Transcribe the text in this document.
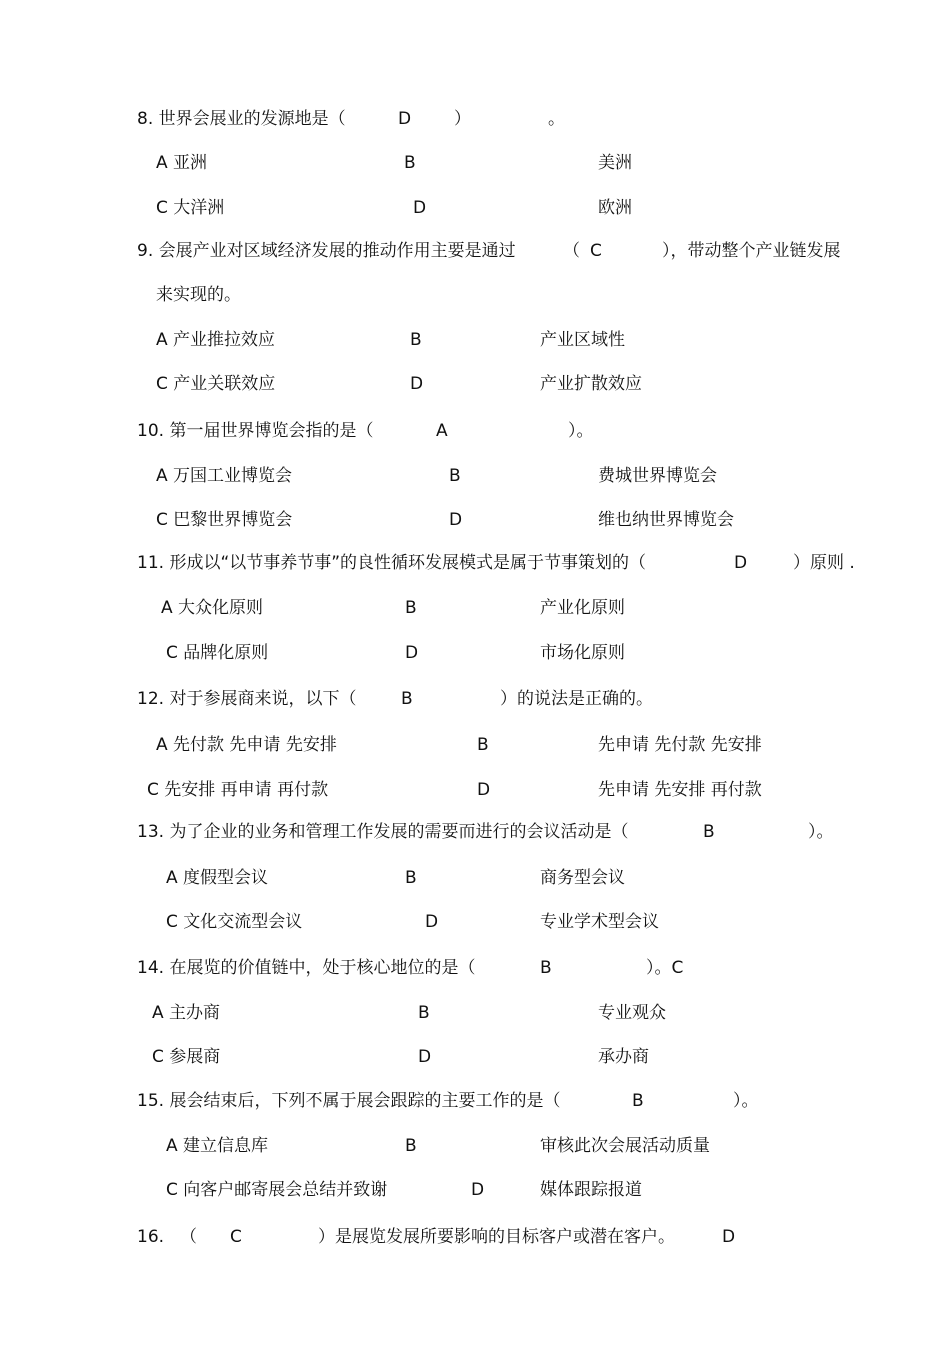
8. 世界会展业的发源地是（	D	）	。
A 亚洲	B	美洲
C 大洋洲	D	欧洲
9. 会展产业对区域经济发展的推动作用主要是通过	（ C	），带动整个产业链发展
来实现的。
A 产业推拉效应	B	产业区域性
C 产业关联效应	D	产业扩散效应
10. 第一届世界博览会指的是（	A	）。
A 万国工业博览会	B	费城世界博览会
C 巴黎世界博览会	D	维也纳世界博览会
11. 形成以“以节事养节事”的良性循环发展模式是属于节事策划的（	D	）原则 .
A 大众化原则	B	产业化原则
C 品牌化原则	D	市场化原则
12. 对于参展商来说，以下（	B	）的说法是正确的。
A 先付款 先申请 先安排	B	先申请 先付款 先安排
C 先安排 再申请 再付款	D	先申请 先安排 再付款
13. 为了企业的业务和管理工作发展的需要而进行的会议活动是（	B	）。
A 度假型会议	B	商务型会议
C 文化交流型会议	D	专业学术型会议
14. 在展览的价值链中，处于核心地位的是（	B	）。C
A 主办商	B	专业观众
C 参展商	D	承办商
15. 展会结束后，下列不属于展会跟踪的主要工作的是（	B	）。
A 建立信息库	B	审核此次会展活动质量
C 向客户邮寄展会总结并致谢	D	媒体跟踪报道
16. （ C	）是展览发展所要影响的目标客户或潜在客户。	D
